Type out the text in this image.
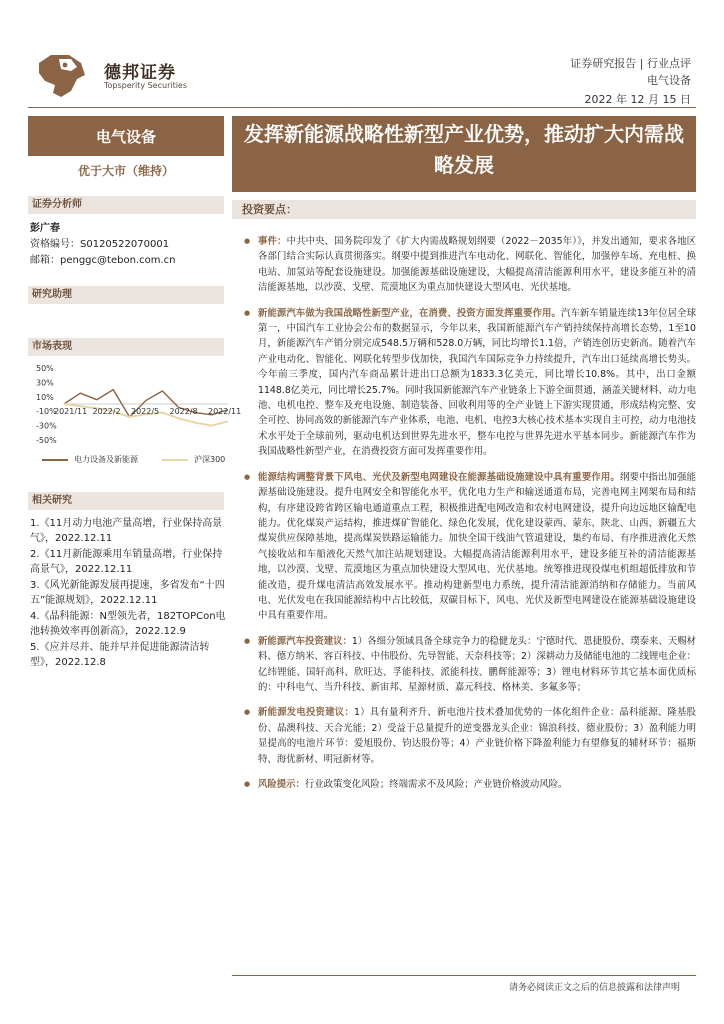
德邦证券
Topsperity Securities
证券研究报告 | 行业点评
电气设备
2022 年 12 月 15 日
电气设备
优于大市（维持）
证券分析师
彭广春
资格编号：S0120522070001
邮箱：penggc@tebon.com.cn
研究助理
市场表现
50%
30%
10%
-10%
-30%
-50%
2021/11 2022/2 2022/5 2022/8 2022/11
电力设备及新能源	沪深300
相关研究
1.《11月动力电池产量高增，行业保持高景气》，2022.12.11
2.《11月新能源乘用车销量高增，行业保持高景气》，2022.12.11
3.《风光新能源发展再提速，多省发布“十四五”能源规划》，2022.12.11
4.《晶科能源：N型领先者，182TOPCon电池转换效率再创新高》，2022.12.9
5.《应并尽并、能并早并促进能源清洁转型》，2022.12.8
发挥新能源战略性新型产业优势，推动扩大内需战略发展
投资要点：
● 事件：中共中央、国务院印发了《扩大内需战略规划纲要（2022－2035年）》，并发出通知，要求各地区各部门结合实际认真贯彻落实。纲要中提到推进汽车电动化、网联化、智能化，加强停车场、充电桩、换电站、加氢站等配套设施建设。加强能源基础设施建设，大幅提高清洁能源利用水平，建设多能互补的清洁能源基地，以沙漠、戈壁、荒漠地区为重点加快建设大型风电、光伏基地。
● 新能源汽车做为我国战略性新型产业，在消费、投资方面发挥重要作用。汽车新车销量连续13年位居全球第一，中国汽车工业协会公布的数据显示，今年以来，我国新能源汽车产销持续保持高增长态势，1至10月，新能源汽车产销分别完成548.5万辆和528.0万辆，同比均增长1.1倍，产销连创历史新高。随着汽车产业电动化、智能化、网联化转型步伐加快，我国汽车国际竞争力持续提升，汽车出口延续高增长势头。今年前三季度，国内汽车商品累计进出口总额为1833.3亿美元，同比增长10.8%。其中，出口金额1148.8亿美元，同比增长25.7%。同时我国新能源汽车产业链条上下游全面贯通，涵盖关键材料、动力电池、电机电控、整车及充电设施、制造装备、回收利用等的全产业链上下游实现贯通，形成结构完整、安全可控、协同高效的新能源汽车产业体系，电池、电机、电控3大核心技术基本实现自主可控，动力电池技术水平处于全球前列，驱动电机达到世界先进水平，整车电控与世界先进水平基本同步。新能源汽车作为我国战略性新型产业，在消费投资方面可发挥重要作用。
● 能源结构调整背景下风电、光伏及新型电网建设在能源基础设施建设中具有重要作用。纲要中指出加强能源基础设施建设。提升电网安全和智能化水平，优化电力生产和输送通道布局，完善电网主网架布局和结构，有序建设跨省跨区输电通道重点工程，积极推进配电网改造和农村电网建设，提升向边远地区输配电能力。优化煤炭产运结构，推进煤矿智能化、绿色化发展，优化建设蒙西、蒙东、陕北、山西、新疆五大煤炭供应保障基地，提高煤炭铁路运输能力。加快全国干线油气管道建设，集约布局、有序推进液化天然气接收站和车船液化天然气加注站规划建设。大幅提高清洁能源利用水平，建设多能互补的清洁能源基地，以沙漠、戈壁、荒漠地区为重点加快建设大型风电、光伏基地。统筹推进现役煤电机组超低排放和节能改造，提升煤电清洁高效发展水平。推动构建新型电力系统，提升清洁能源消纳和存储能力。当前风电、光伏发电在我国能源结构中占比较低，双碳目标下，风电、光伏及新型电网建设在能源基础设施建设中具有重要作用。
● 新能源汽车投资建议：1）各细分领域具备全球竞争力的稳健龙头：宁德时代、恩捷股份、璞泰来、天赐材料、德方纳米、容百科技、中伟股份、先导智能、天奈科技等；2）深耕动力及储能电池的二线锂电企业：亿纬锂能、国轩高科、欣旺达、孚能科技、派能科技、鹏辉能源等；3）锂电材料环节其它基本面优质标的：中科电气、当升科技、新宙邦、星源材质、嘉元科技、格林美、多氟多等；
● 新能源发电投资建议：1）具有量利齐升、新电池片技术叠加优势的一体化组件企业：晶科能源、隆基股份、晶澳科技、天合光能；2）受益于总量提升的逆变器龙头企业：锦浪科技、德业股份；3）盈利能力明显提高的电池片环节：爱旭股份、钧达股份等；4）产业链价格下降盈利能力有望修复的辅材环节：福斯特、海优新材、明冠新材等。
● 风险提示：行业政策变化风险；终端需求不及风险；产业链价格波动风险。
请务必阅读正文之后的信息披露和法律声明
